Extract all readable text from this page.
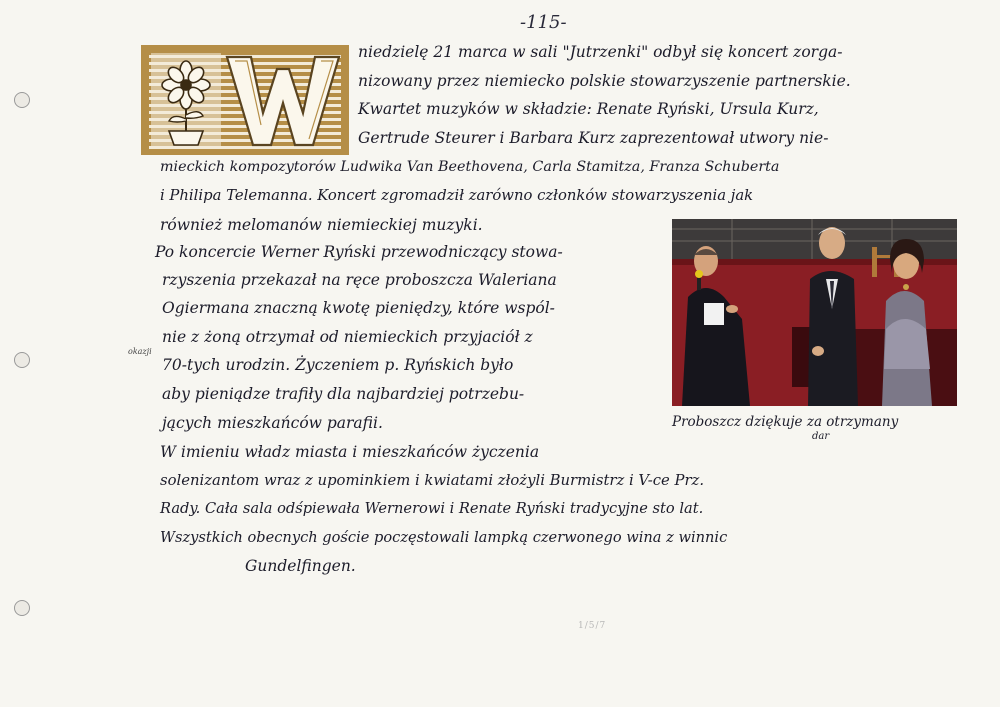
-115-
niedzielę 21 marca w sali "Jutrzenki" odbył się koncert zorga-
nizowany przez niemiecko polskie stowarzyszenie partnerskie.
Kwartet muzyków w składzie: Renate Ryński, Ursula Kurz,
Gertrude Steurer i Barbara Kurz zaprezentował utwory nie-
mieckich kompozytorów Ludwika Van Beethovena, Carla Stamitza, Franza Schuberta
i Philipa Telemanna. Koncert zgromadził zarówno członków stowarzyszenia jak
również melomanów niemieckiej muzyki.
Po koncercie Werner Ryński przewodniczący stowa-
rzyszenia przekazał na ręce proboszcza Waleriana
Ogiermana znaczną kwotę pieniędzy, które wspól-
nie z żoną otrzymał od niemieckich przyjaciół z
70-tych urodzin. Życzeniem p. Ryńskich było
aby pieniądze trafiły dla najbardziej potrzebu-
jących mieszkańców parafii.
W imieniu władz miasta i mieszkańców życzenia
solenizantom wraz z upominkiem i kwiatami złożyli Burmistrz i V-ce Prz.
Rady. Cała sala odśpiewała Wernerowi i Renate Ryński tradycyjne sto lat.
Wszystkich obecnych goście poczęstowali lampką czerwonego wina z winnic
Gundelfingen.
okazji
Proboszcz dziękuje za otrzymany
dar
1/5/7
